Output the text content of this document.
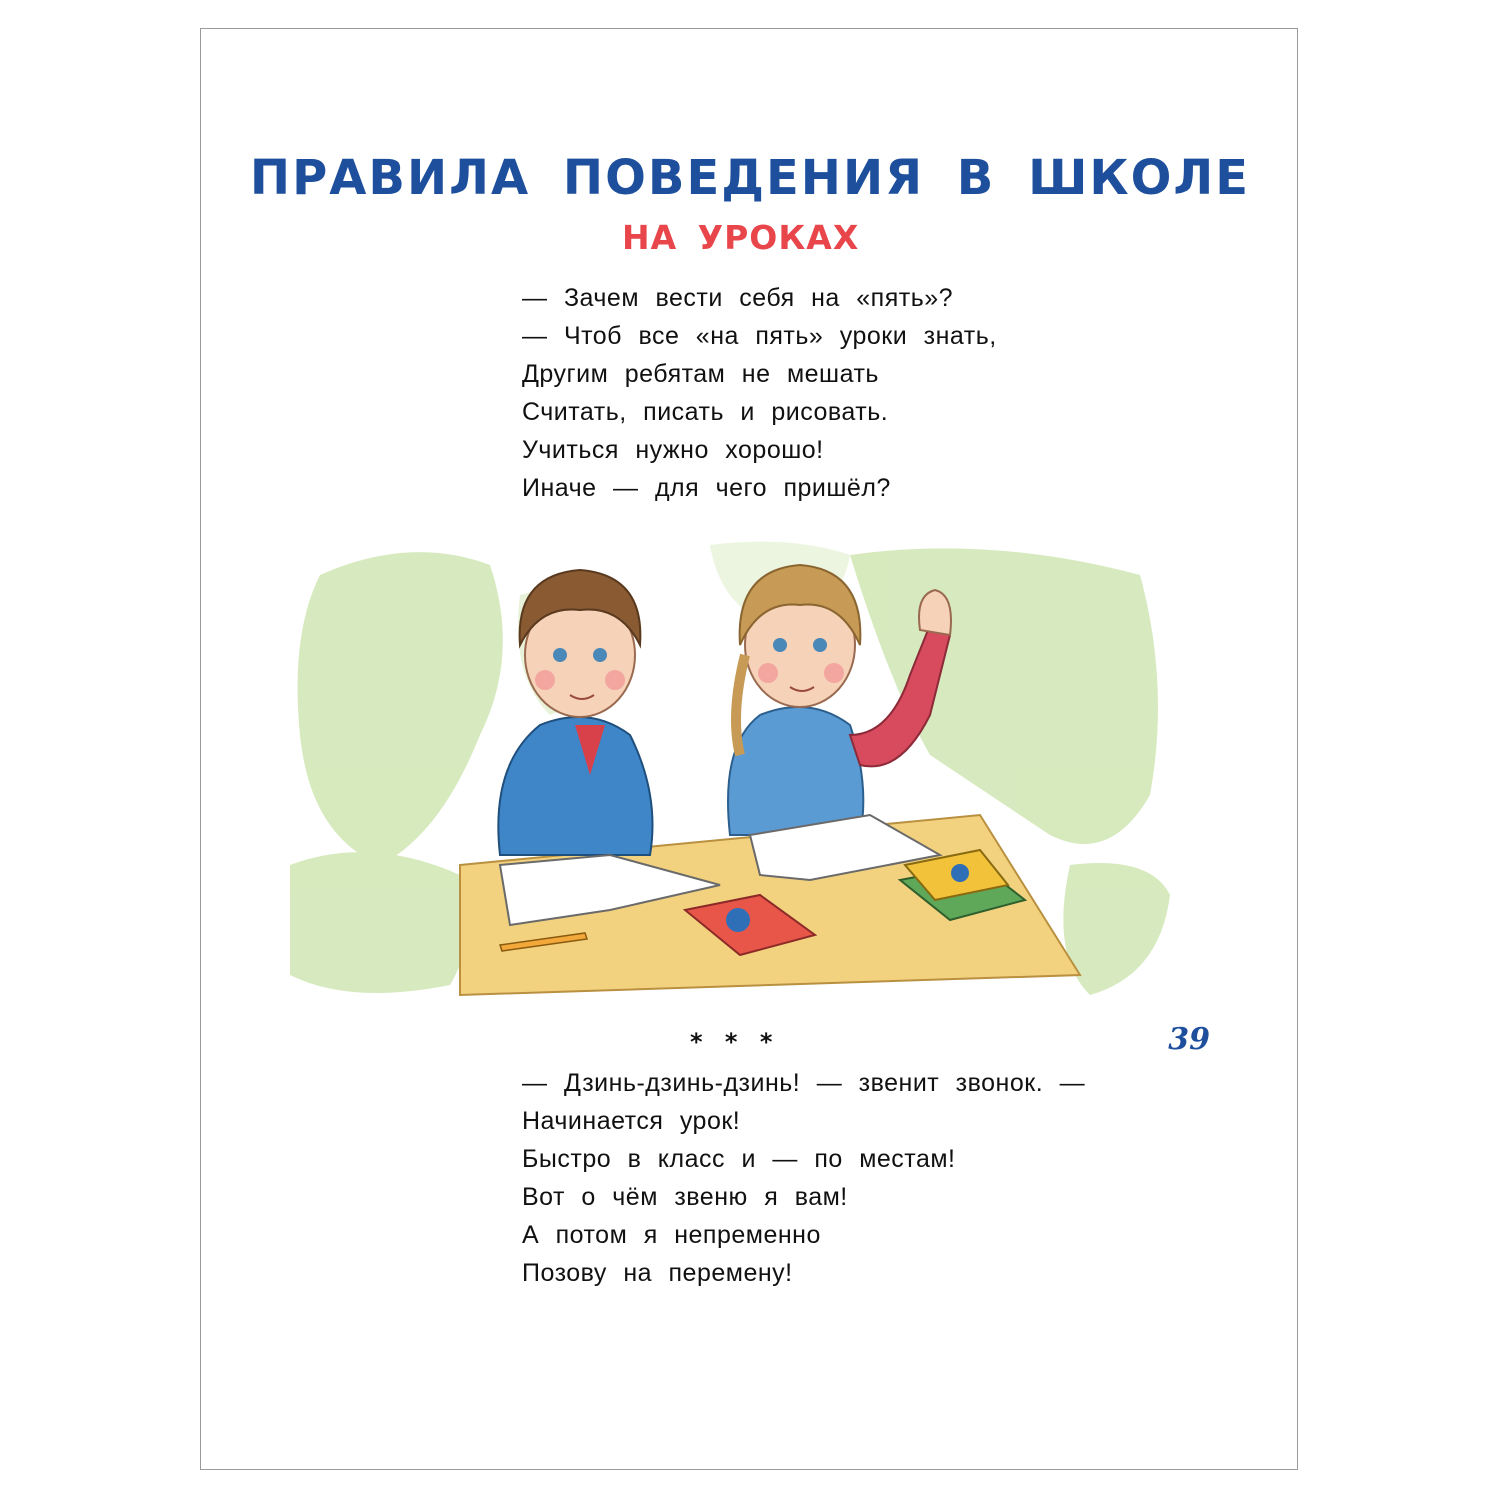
ПРАВИЛА ПОВЕДЕНИЯ В ШКОЛЕ
НА УРОКАХ
— Зачем вести себя на «пять»?
— Чтоб все «на пять» уроки знать,
Другим ребятам не мешать
Считать, писать и рисовать.
Учиться нужно хорошо!
Иначе — для чего пришёл?
* * *
— Дзинь-дзинь-дзинь! — звенит звонок. —
Начинается урок!
Быстро в класс и — по местам!
Вот о чём звеню я вам!
А потом я непременно
Позову на перемену!
39
